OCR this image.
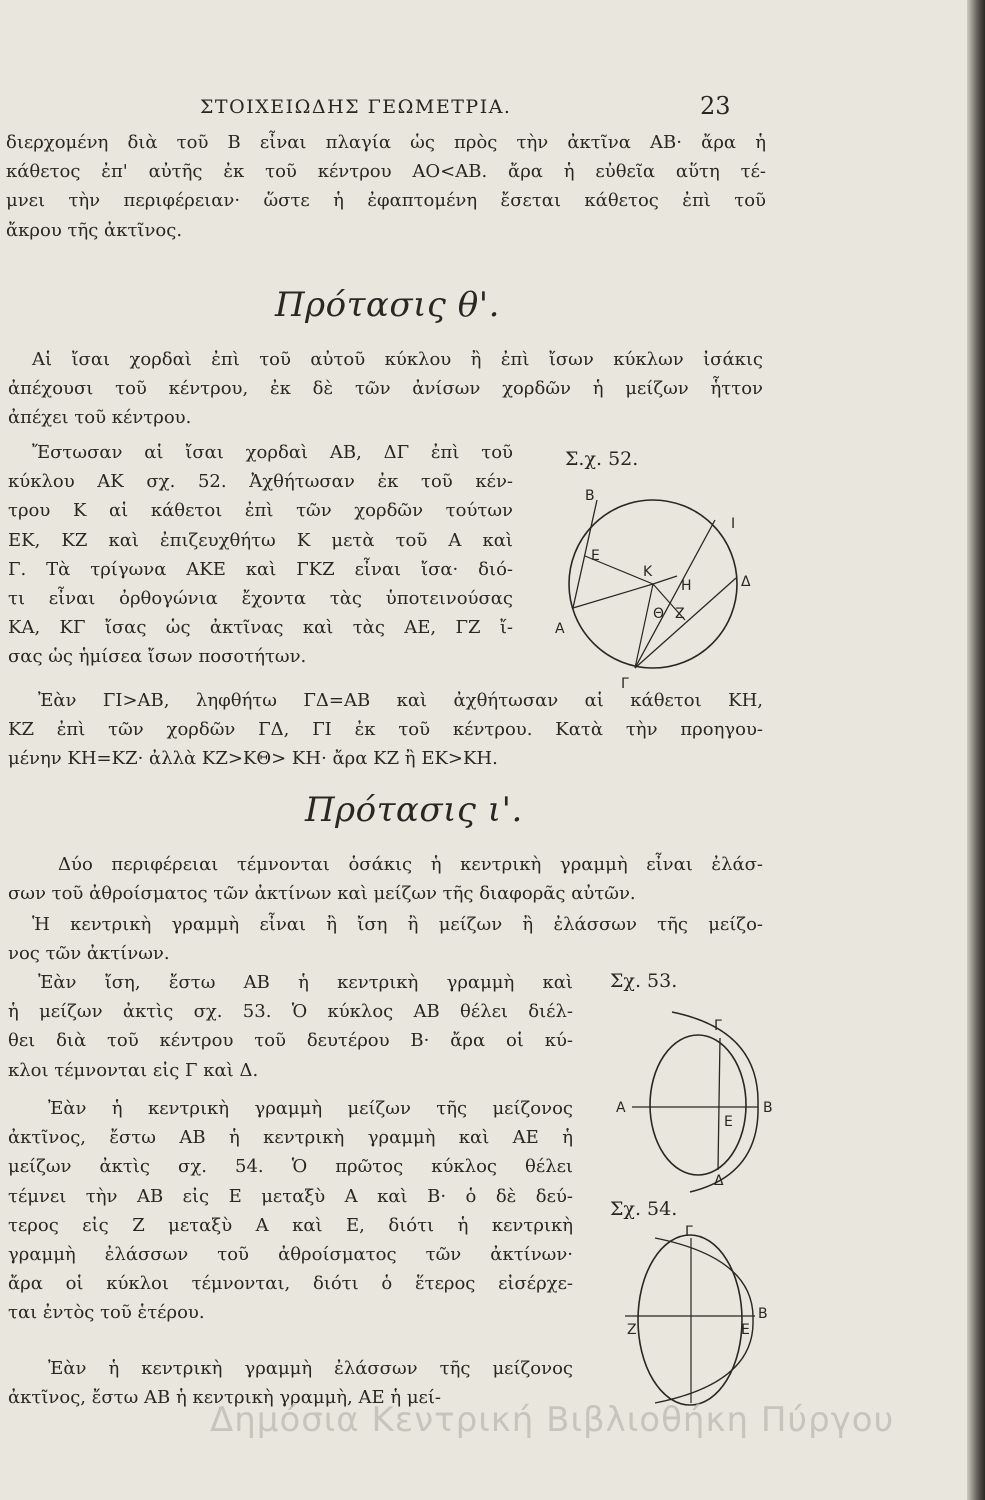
ΣΤΟΙΧΕΙΩΔΗΣ ΓΕΩΜΕΤΡΙΑ.	23
διερχομένη διὰ τοῦ Β εἶναι πλαγία ὡς πρὸς τὴν ἀκτῖνα ΑΒ· ἄρα ἡ
κάθετος ἐπ' αὐτῆς ἐκ τοῦ κέντρου ΑΟ<ΑΒ. ἄρα ἡ εὐθεῖα αὕτη τέ-
μνει τὴν περιφέρειαν· ὥστε ἡ ἐφαπτομένη ἔσεται κάθετος ἐπὶ τοῦ
ἄκρου τῆς ἀκτῖνος.
Πρότασις θ'.
Αἱ ἴσαι χορδαὶ ἐπὶ τοῦ αὐτοῦ κύκλου ἢ ἐπὶ ἴσων κύκλων ἰσάκις
ἀπέχουσι τοῦ κέντρου, ἐκ δὲ τῶν ἀνίσων χορδῶν ἡ μείζων ἧττον
ἀπέχει τοῦ κέντρου.
Ἔστωσαν αἱ ἴσαι χορδαὶ ΑΒ, ΔΓ ἐπὶ τοῦ
κύκλου ΑΚ σχ. 52. Ἀχθήτωσαν ἐκ τοῦ κέν-
τρου Κ αἱ κάθετοι ἐπὶ τῶν χορδῶν τούτων
ΕΚ, ΚΖ καὶ ἐπιζευχθήτω Κ μετὰ τοῦ Α καὶ
Γ. Τὰ τρίγωνα ΑΚΕ καὶ ΓΚΖ εἶναι ἴσα· διό-
τι εἶναι ὀρθογώνια ἔχοντα τὰς ὑποτεινούσας
ΚΑ, ΚΓ ἴσας ὡς ἀκτῖνας καὶ τὰς ΑΕ, ΓΖ ἴ-
σας ὡς ἡμίσεα ἴσων ποσοτήτων.
Σ.χ. 52.
Β
Ι
Ε
Κ
Η	Δ
Θ Ζ
Α
Γ
Ἐὰν ΓΙ>ΑΒ, ληφθήτω ΓΔ=ΑΒ καὶ ἀχθήτωσαν αἱ κάθετοι ΚΗ,
ΚΖ ἐπὶ τῶν χορδῶν ΓΔ, ΓΙ ἐκ τοῦ κέντρου. Κατὰ τὴν προηγου-
μένην ΚΗ=ΚΖ· ἀλλὰ ΚΖ>ΚΘ> ΚΗ· ἄρα ΚΖ ἢ ΕΚ>ΚΗ.
Πρότασις ι'.
Δύο περιφέρειαι τέμνονται ὁσάκις ἡ κεντρικὴ γραμμὴ εἶναι ἐλάσ-
σων τοῦ ἀθροίσματος τῶν ἀκτίνων καὶ μείζων τῆς διαφορᾶς αὐτῶν.
Ἡ κεντρικὴ γραμμὴ εἶναι ἢ ἴση ἢ μείζων ἢ ἐλάσσων τῆς μείζο-
νος τῶν ἀκτίνων.
Ἐὰν ἴση, ἔστω ΑΒ ἡ κεντρικὴ γραμμὴ καὶ
ἡ μείζων ἀκτὶς σχ. 53. Ὁ κύκλος ΑΒ θέλει διέλ-
θει διὰ τοῦ κέντρου τοῦ δευτέρου Β· ἄρα οἱ κύ-
κλοι τέμνονται εἰς Γ καὶ Δ.
Ἐὰν ἡ κεντρικὴ γραμμὴ μείζων τῆς μείζονος
ἀκτῖνος, ἔστω ΑΒ ἡ κεντρικὴ γραμμὴ καὶ ΑΕ ἡ
μείζων ἀκτὶς σχ. 54. Ὁ πρῶτος κύκλος θέλει
τέμνει τὴν ΑΒ εἰς Ε μεταξὺ Α καὶ Β· ὁ δὲ δεύ-
τερος εἰς Ζ μεταξὺ Α καὶ Ε, διότι ἡ κεντρικὴ
γραμμὴ ἐλάσσων τοῦ ἀθροίσματος τῶν ἀκτίνων·
ἄρα οἱ κύκλοι τέμνονται, διότι ὁ ἕτερος εἰσέρχε-
ται ἐντὸς τοῦ ἑτέρου.
Ἐὰν ἡ κεντρικὴ γραμμὴ ἐλάσσων τῆς μείζονος
ἀκτῖνος, ἔστω ΑΒ ἡ κεντρικὴ γραμμὴ, ΑΕ ἡ μεί-
Σχ. 53.
Γ
Α
Ε
Β
Δ
Σχ. 54.
Γ
Ζ	Ε
Β
Δημόσια Κεντρική Βιβλιοθήκη Πύργου
